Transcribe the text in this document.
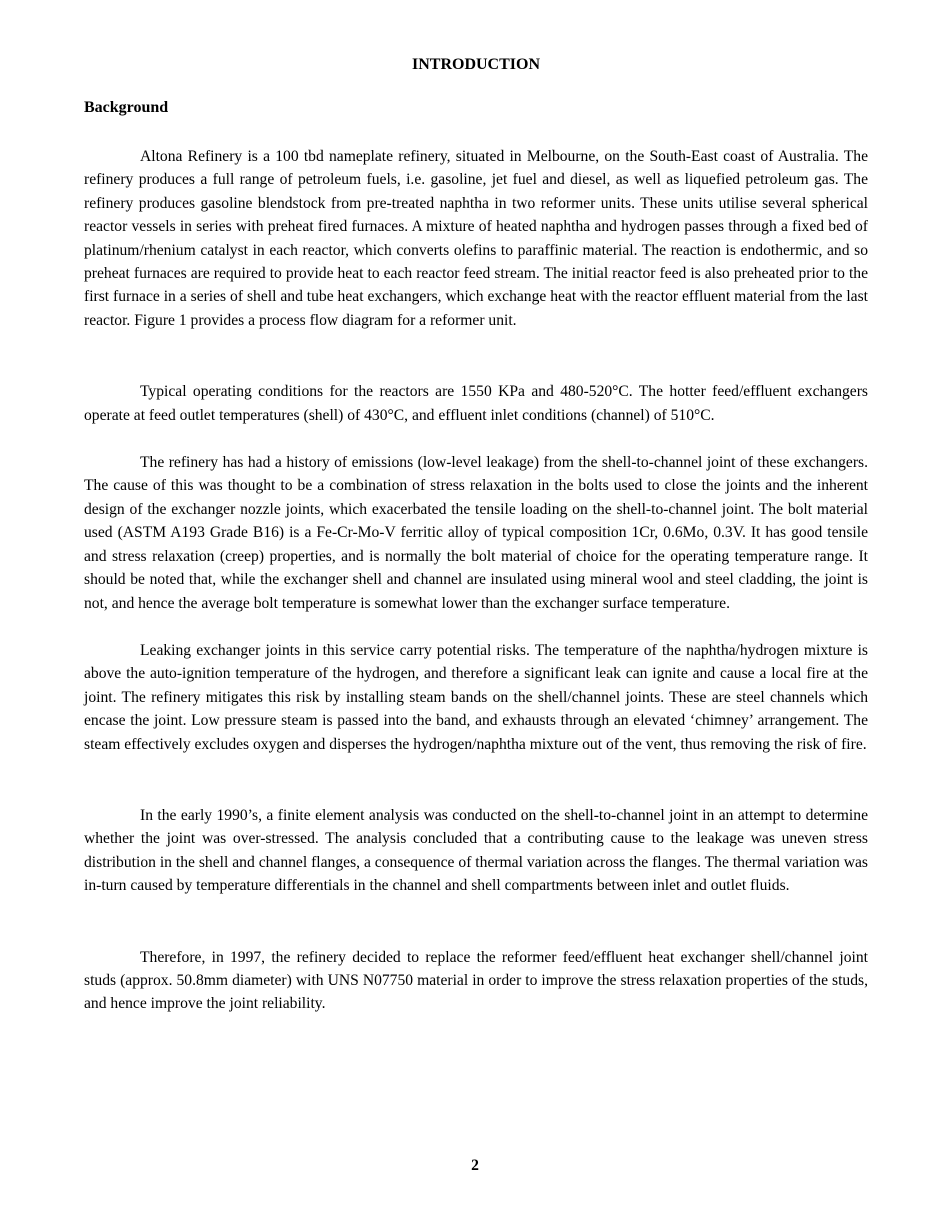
INTRODUCTION
Background

Altona Refinery is a 100 tbd nameplate refinery, situated in Melbourne, on the South-East coast of Australia. The refinery produces a full range of petroleum fuels, i.e. gasoline, jet fuel and diesel, as well as liquefied petroleum gas. The refinery produces gasoline blendstock from pre-treated naphtha in two reformer units. These units utilise several spherical reactor vessels in series with preheat fired furnaces. A mixture of heated naphtha and hydrogen passes through a fixed bed of platinum/rhenium catalyst in each reactor, which converts olefins to paraffinic material. The reaction is endothermic, and so preheat furnaces are required to provide heat to each reactor feed stream. The initial reactor feed is also preheated prior to the first furnace in a series of shell and tube heat exchangers, which exchange heat with the reactor effluent material from the last reactor. Figure 1 provides a process flow diagram for a reformer unit.

Typical operating conditions for the reactors are 1550 KPa and 480-520°C. The hotter feed/effluent exchangers operate at feed outlet temperatures (shell) of 430°C, and effluent inlet conditions (channel) of 510°C.

The refinery has had a history of emissions (low-level leakage) from the shell-to-channel joint of these exchangers. The cause of this was thought to be a combination of stress relaxation in the bolts used to close the joints and the inherent design of the exchanger nozzle joints, which exacerbated the tensile loading on the shell-to-channel joint. The bolt material used (ASTM A193 Grade B16) is a Fe-Cr-Mo-V ferritic alloy of typical composition 1Cr, 0.6Mo, 0.3V. It has good tensile and stress relaxation (creep) properties, and is normally the bolt material of choice for the operating temperature range. It should be noted that, while the exchanger shell and channel are insulated using mineral wool and steel cladding, the joint is not, and hence the average bolt temperature is somewhat lower than the exchanger surface temperature.

Leaking exchanger joints in this service carry potential risks. The temperature of the naphtha/hydrogen mixture is above the auto-ignition temperature of the hydrogen, and therefore a significant leak can ignite and cause a local fire at the joint. The refinery mitigates this risk by installing steam bands on the shell/channel joints. These are steel channels which encase the joint. Low pressure steam is passed into the band, and exhausts through an elevated ‘chimney’ arrangement. The steam effectively excludes oxygen and disperses the hydrogen/naphtha mixture out of the vent, thus removing the risk of fire.

In the early 1990’s, a finite element analysis was conducted on the shell-to-channel joint in an attempt to determine whether the joint was over-stressed. The analysis concluded that a contributing cause to the leakage was uneven stress distribution in the shell and channel flanges, a consequence of thermal variation across the flanges. The thermal variation was in-turn caused by temperature differentials in the channel and shell compartments between inlet and outlet fluids.

Therefore, in 1997, the refinery decided to replace the reformer feed/effluent heat exchanger shell/channel joint studs (approx. 50.8mm diameter) with UNS N07750 material in order to improve the stress relaxation properties of the studs, and hence improve the joint reliability.

2
